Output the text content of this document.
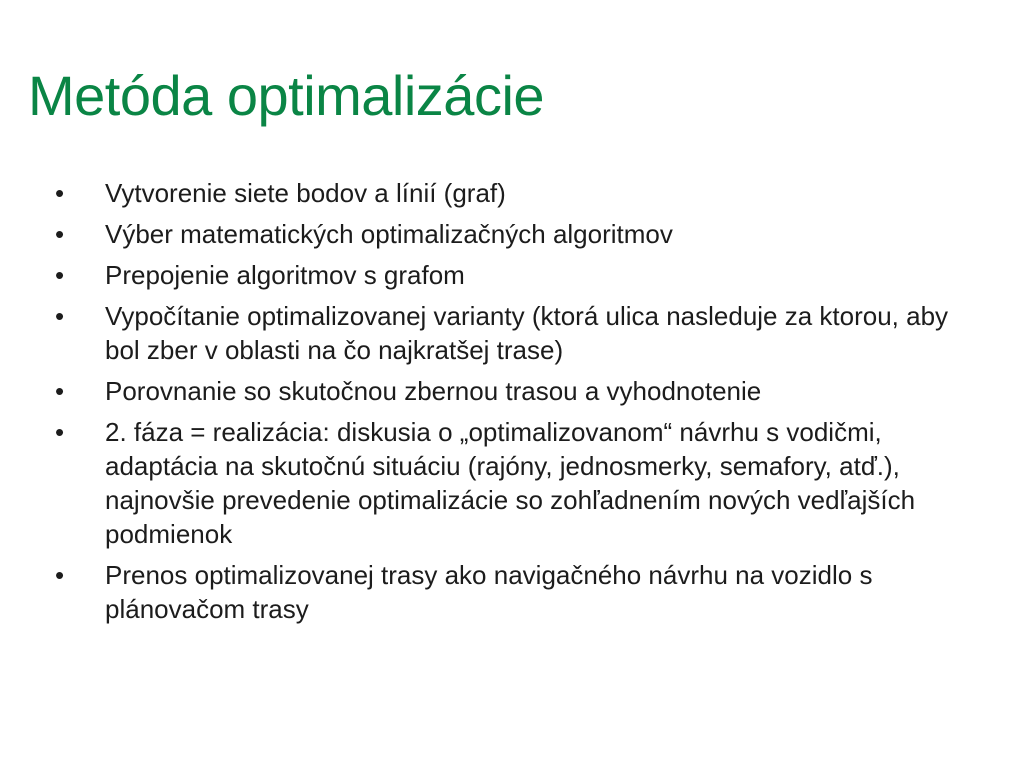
Metóda optimalizácie
•	Vytvorenie siete bodov a línií (graf)
•	Výber matematických optimalizačných algoritmov
•	Prepojenie algoritmov s grafom
•	Vypočítanie optimalizovanej varianty (ktorá ulica nasleduje za ktorou, aby bol zber v oblasti na čo najkratšej trase)
•	Porovnanie so skutočnou zbernou trasou a vyhodnotenie
•	2. fáza = realizácia: diskusia o „optimalizovanom“ návrhu s vodičmi, adaptácia na skutočnú situáciu (rajóny, jednosmerky, semafory, atď.), najnovšie prevedenie optimalizácie so zohľadnením nových vedľajších podmienok
•	Prenos optimalizovanej trasy ako navigačného návrhu na vozidlo s plánovačom trasy
